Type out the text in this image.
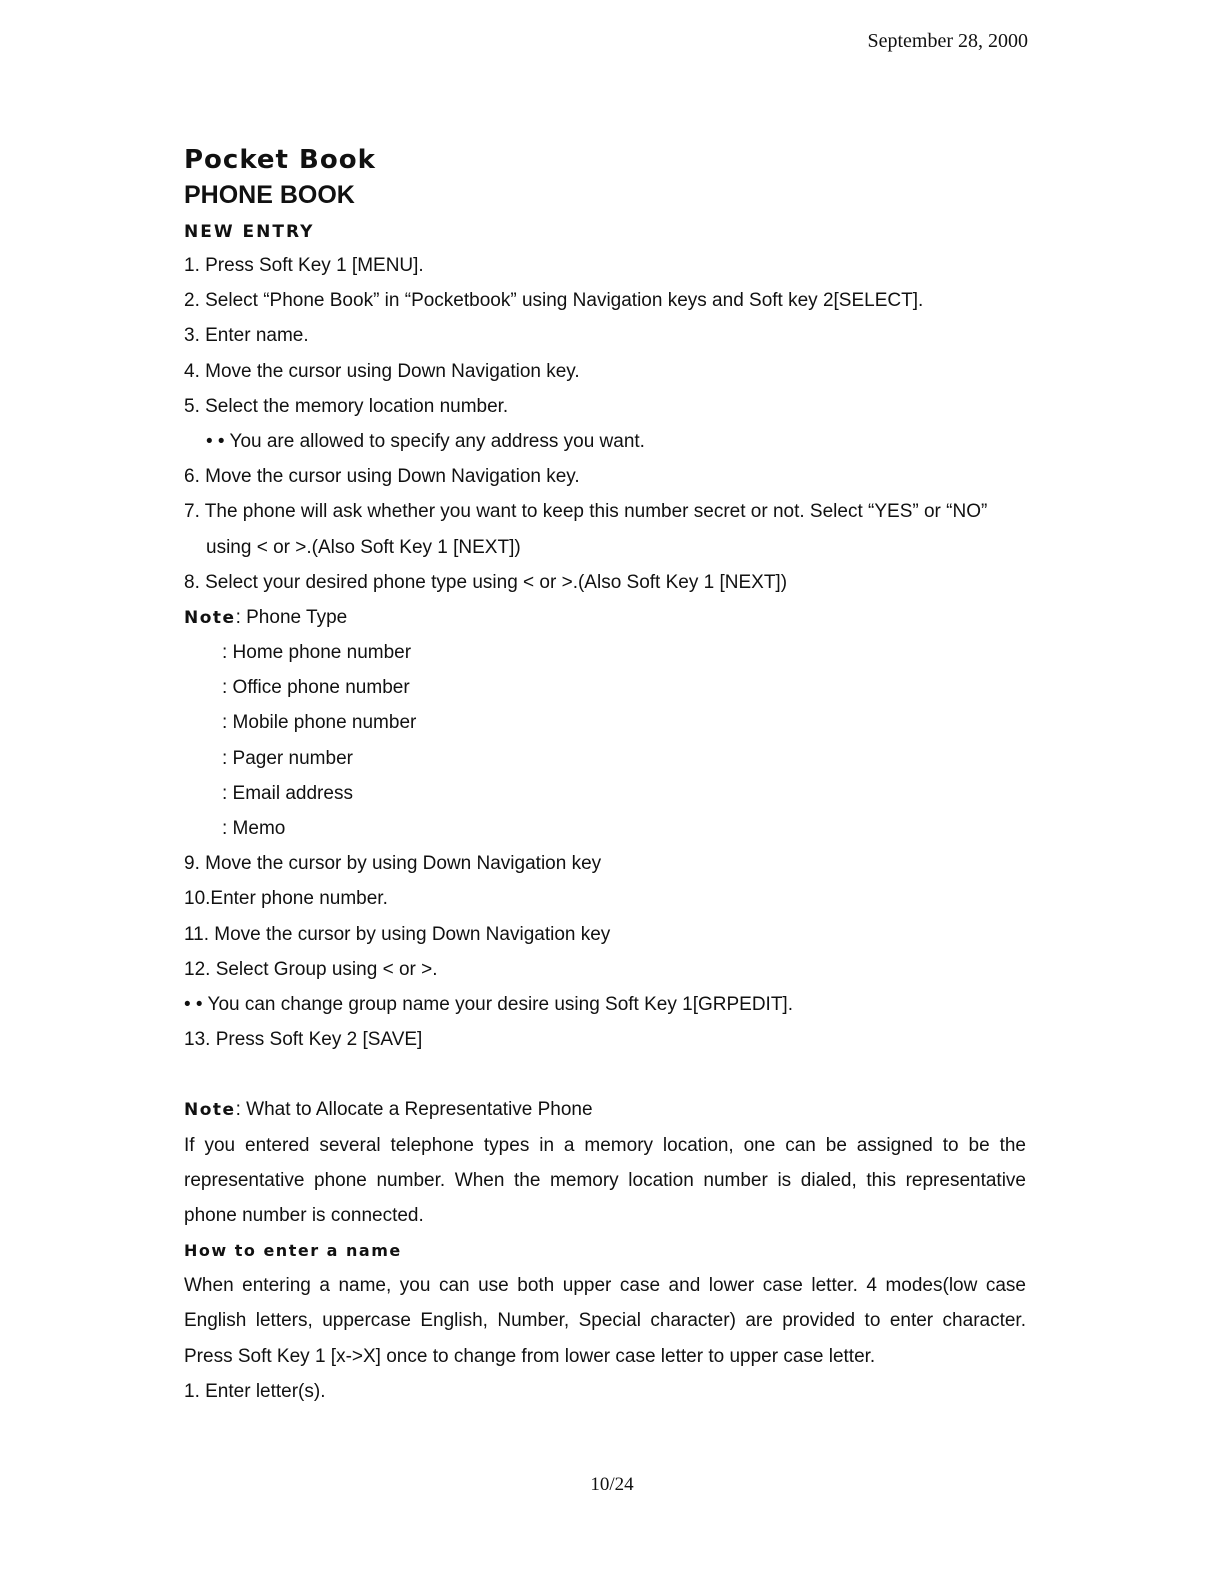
September 28, 2000
Pocket Book
PHONE BOOK
NEW ENTRY
1. Press Soft Key 1 [MENU].
2. Select “Phone Book” in “Pocketbook” using Navigation keys and Soft key 2[SELECT].
3. Enter name.
4. Move the cursor using Down Navigation key.
5. Select the memory location number.
• • You are allowed to specify any address you want.
6. Move the cursor using Down Navigation key.
7. The phone will ask whether you want to keep this number secret or not. Select “YES” or “NO”
using < or >.(Also Soft Key 1 [NEXT])
8. Select your desired phone type using < or >.(Also Soft Key 1 [NEXT])
Note: Phone Type
: Home phone number
: Office phone number
: Mobile phone number
: Pager number
: Email address
: Memo
9. Move the cursor by using Down Navigation key
10.Enter phone number.
11. Move the cursor by using Down Navigation key
12. Select Group using < or >.
• • You can change group name your desire using Soft Key 1[GRPEDIT].
13. Press Soft Key 2 [SAVE]
Note: What to Allocate a Representative Phone
If you entered several telephone types in a memory location, one can be assigned to be the representative phone number. When the memory location number is dialed, this representative phone number is connected.
How to enter a name
When entering a name, you can use both upper case and lower case letter. 4 modes(low case English letters, uppercase English, Number, Special character) are provided to enter character. Press Soft Key 1 [x->X] once to change from lower case letter to upper case letter.
1. Enter letter(s).
10/24
